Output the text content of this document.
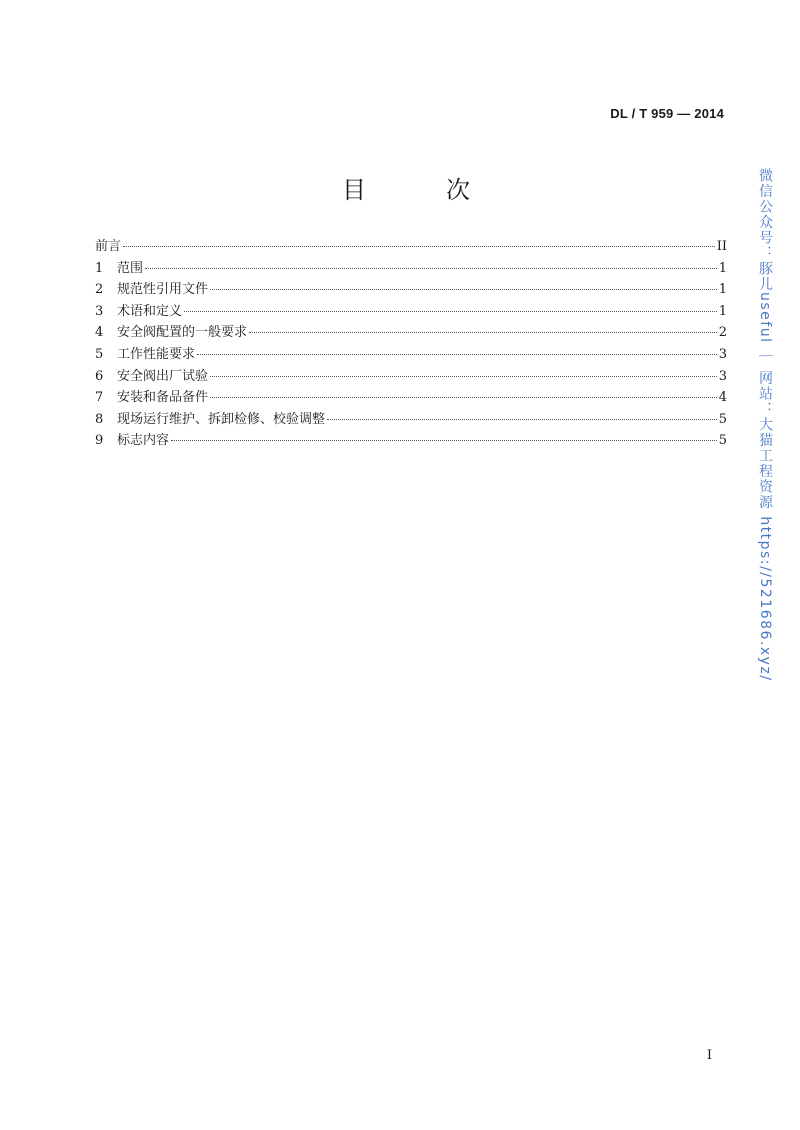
DL / T 959 — 2014
目　次
前言	II
1	范围	1
2	规范性引用文件	1
3	术语和定义	1
4	安全阀配置的一般要求	2
5	工作性能要求	3
6	安全阀出厂试验	3
7	安装和备品备件	4
8	现场运行维护、拆卸检修、校验调整	5
9	标志内容	5 微信公众号：豚儿useful ｜ 网站：大猫工程资源 https://521686.xyz/
I
